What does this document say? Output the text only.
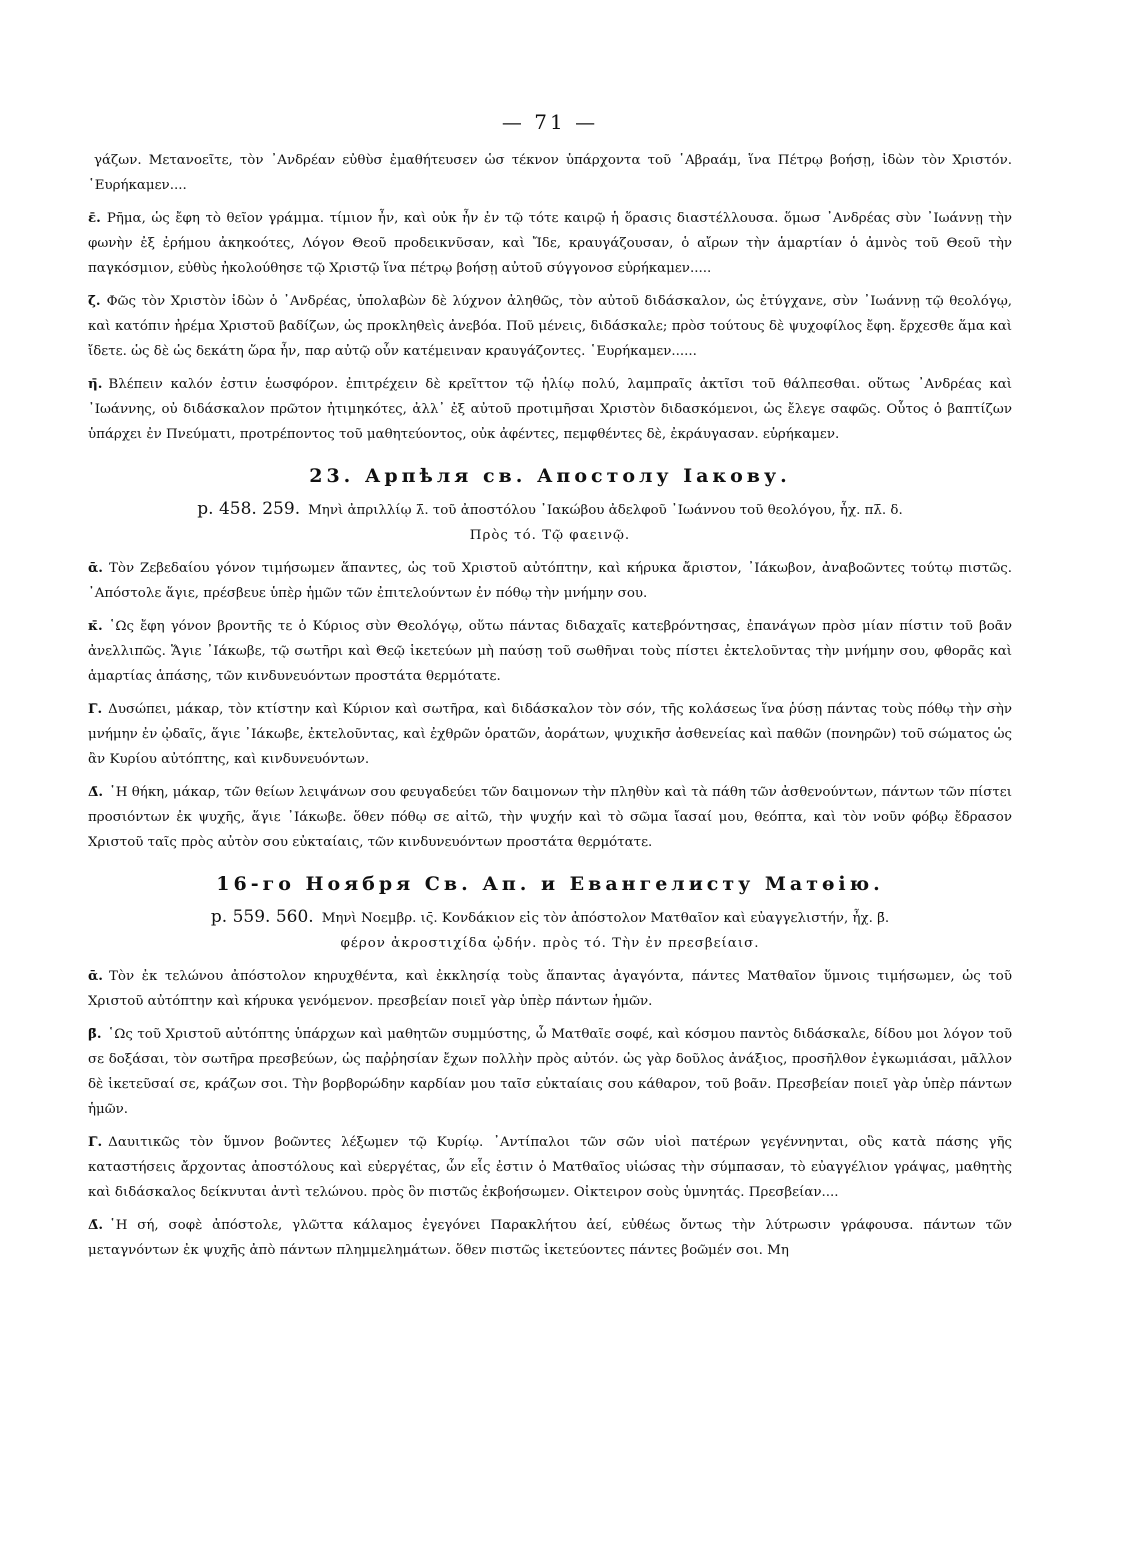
— 71 —

γάζων. Μετανοεῖτε, τὸν ᾿Ανδρέαν εὐθὺσ ἐμαθήτευσεν ὡσ τέκνον ὑπάρχοντα τοῦ ῾Αβραάμ, ἵνα Πέτρῳ βοήσῃ, ἰδὼν τὸν Χριστόν. ῾Ευρήκαμεν....

ε̄. Ρῆμα, ὡς ἔφη τὸ θεῖον γράμμα. τίμιον ἦν, καὶ οὐκ ἦν ἐν τῷ τότε καιρῷ ἡ ὅρασις διαστέλλουσα. ὅμωσ ᾿Ανδρέας σὺν ᾿Ιωάννῃ τὴν φωνὴν ἐξ ἐρήμου ἀκηκοότες, Λόγον Θεοῦ προδεικνῦσαν, καὶ Ἴδε, κραυγάζουσαν, ὁ αἴρων τὴν ἁμαρτίαν ὁ ἀμνὸς τοῦ Θεοῦ τὴν παγκόσμιον, εὐθὺς ἠκολούθησε τῷ Χριστῷ ἵνα πέτρῳ βοήσῃ αὐτοῦ σύγγονοσ εὑρήκαμεν.....

ζ̄. Φῶς τὸν Χριστὸν ἰδὼν ὁ ᾿Ανδρέας, ὑπολαβὼν δὲ λύχνον ἀληθῶς, τὸν αὐτοῦ διδάσκαλον, ὡς ἐτύγχανε, σὺν ᾿Ιωάννῃ τῷ θεολόγῳ, καὶ κατόπιν ἠρέμα Χριστοῦ βαδίζων, ὡς προκληθεὶς ἀνεβόα. Ποῦ μένεις, διδάσκαλε; πρὸσ τούτους δὲ ψυχοφίλος ἔφη. ἔρχεσθε ἅμα καὶ ἴδετε. ὡς δὲ ὡς δεκάτη ὥρα ἦν, παρ αὐτῷ οὖν κατέμειναν κραυγάζοντες. ῾Ευρήκαμεν......

η̄. Βλέπειν καλόν ἐστιν ἑωσφόρον. ἐπιτρέχειν δὲ κρεῖττον τῷ ἡλίῳ πολύ, λαμπραῖς ἀκτῖσι τοῦ θάλπεσθαι. οὕτως ᾿Ανδρέας καὶ ᾿Ιωάννης, οὐ διδάσκαλον πρῶτον ἠτιμηκότες, ἀλλ᾿ ἐξ αὐτοῦ προτιμῆσαι Χριστὸν διδασκόμενοι, ὡς ἔλεγε σαφῶς. Οὗτος ὁ βαπτίζων ὑπάρχει ἐν Πνεύματι, προτρέποντος τοῦ μαθητεύοντος, οὐκ ἀφέντες, πεμφθέντες δὲ, ἐκράυγασαν. εὑρήκαμεν.

23. Арпѣля св. Апостолу Іакову.

р. 458. 259. Μηνὶ ἀπριλλίῳ λ̄. τοῦ ἀποστόλου ᾿Ιακώβου ἀδελφοῦ ᾿Ιωάννου τοῦ θεολόγου, ἦχ. πλ̄. δ.

Πρὸς τό. Τῷ φαεινῷ.

ᾱ. Τὸν Ζεβεδαίου γόνον τιμήσωμεν ἅπαντες, ὡς τοῦ Χριστοῦ αὐτόπτην, καὶ κήρυκα ἄριστον, ᾿Ιάκωβον, ἀναβοῶντες τούτῳ πιστῶς. ᾿Απόστολε ἅγιε, πρέσβευε ὑπὲρ ἡμῶν τῶν ἐπιτελούντων ἐν πόθῳ τὴν μνήμην σου.

κ̄. ῾Ως ἔφη γόνον βροντῆς τε ὁ Κύριος σὺν Θεολόγῳ, οὕτω πάντας διδαχαῖς κατεβρόντησας, ἐπανάγων πρὸσ μίαν πίστιν τοῦ βοᾶν ἀνελλιπῶς. Ἅγιε ᾿Ιάκωβε, τῷ σωτῆρι καὶ Θεῷ ἱκετεύων μὴ παύσῃ τοῦ σωθῆναι τοὺς πίστει ἐκτελοῦντας τὴν μνήμην σου, φθορᾶς καὶ ἁμαρτίας ἁπάσης, τῶν κινδυνευόντων προστάτα θερμότατε.

Γ̄. Δυσώπει, μάκαρ, τὸν κτίστην καὶ Κύριον καὶ σωτῆρα, καὶ διδάσκαλον τὸν σόν, τῆς κολάσεως ἵνα ῥύσῃ πάντας τοὺς πόθῳ τὴν σὴν μνήμην ἐν ᾠδαῖς, ἅγιε ᾿Ιάκωβε, ἐκτελοῦντας, καὶ ἐχθρῶν ὁρατῶν, ἀοράτων, ψυχικῆσ ἀσθενείας καὶ παθῶν (πονηρῶν) τοῦ σώματος ὡς ἂν Κυρίου αὐτόπτης, καὶ κινδυνευόντων.

Δ̄. ῾Η θήκη, μάκαρ, τῶν θείων λειψάνων σου φευγαδεύει τῶν δαιμονων τὴν πληθὺν καὶ τὰ πάθη τῶν ἀσθενούντων, πάντων τῶν πίστει προσιόντων ἐκ ψυχῆς, ἅγιε ᾿Ιάκωβε. ὅθεν πόθῳ σε αἰτῶ, τὴν ψυχήν καὶ τὸ σῶμα ἴασαί μου, θεόπτα, καὶ τὸν νοῦν φόβῳ ἔδρασον Χριστοῦ ταῖς πρὸς αὐτὸν σου εὐκταίαις, τῶν κινδυνευόντων προστάτα θερμότατε.

16-го Ноября Св. Ап. и Евангелисту Матѳію.

р. 559. 560. Μηνὶ Νοεμβρ. ις̄. Κονδάκιον εἰς τὸν ἀπόστολον Ματθαῖον καὶ εὐαγγελιστήν, ἦχ. β̄.

φέρον ἀκροστιχίδα ᾠδήν. πρὸς τό. Τὴν ἐν πρεσβείαισ.

ᾱ. Τὸν ἐκ τελώνου ἀπόστολον κηρυχθέντα, καὶ ἐκκλησίᾳ τοὺς ἅπαντας ἀγαγόντα, πάντες Ματθαῖον ὕμνοις τιμήσωμεν, ὡς τοῦ Χριστοῦ αὐτόπτην καὶ κήρυκα γενόμενον. πρεσβείαν ποιεῖ γὰρ ὑπὲρ πάντων ἡμῶν.

β̄. ῾Ως τοῦ Χριστοῦ αὐτόπτης ὑπάρχων καὶ μαθητῶν συμμύστης, ὦ Ματθαῖε σοφέ, καὶ κόσμου παντὸς διδάσκαλε, δίδου μοι λόγον τοῦ σε δοξάσαι, τὸν σωτῆρα πρεσβεύων, ὡς παῤῥησίαν ἔχων πολλὴν πρὸς αὐτόν. ὡς γὰρ δοῦλος ἀνάξιος, προσῆλθον ἐγκωμιάσαι, μᾶλλον δὲ ἱκετεῦσαί σε, κράζων σοι. Τὴν βορβορώδην καρδίαν μου ταῖσ εὐκταίαις σου κάθαρον, τοῦ βοᾶν. Πρεσβείαν ποιεῖ γὰρ ὑπὲρ πάντων ἡμῶν.

Γ̄. Δαυιτικῶς τὸν ὕμνον βοῶντες λέξωμεν τῷ Κυρίῳ. ᾿Αντίπαλοι τῶν σῶν υἱοὶ πατέρων γεγέννηνται, οὓς κατὰ πάσης γῆς καταστήσεις ἄρχοντας ἀποστόλους καὶ εὐεργέτας, ὧν εἷς ἐστιν ὁ Ματθαῖος υἱώσας τὴν σύμπασαν, τὸ εὐαγγέλιον γράψας, μαθητὴς καὶ διδάσκαλος δείκνυται ἀντὶ τελώνου. πρὸς ὃν πιστῶς ἐκβοήσωμεν. Οἰκτειρον σοὺς ὑμνητάς. Πρεσβείαν....

Δ̄. ῾Η σή, σοφὲ ἀπόστολε, γλῶττα κάλαμος ἐγεγόνει Παρακλήτου ἀεί, εὐθέως ὄντως τὴν λύτρωσιν γράφουσα. πάντων τῶν μεταγνόντων ἐκ ψυχῆς ἀπὸ πάντων πλημμελημάτων. ὅθεν πιστῶς ἱκετεύοντες πάντες βοῶμέν σοι. Μη
